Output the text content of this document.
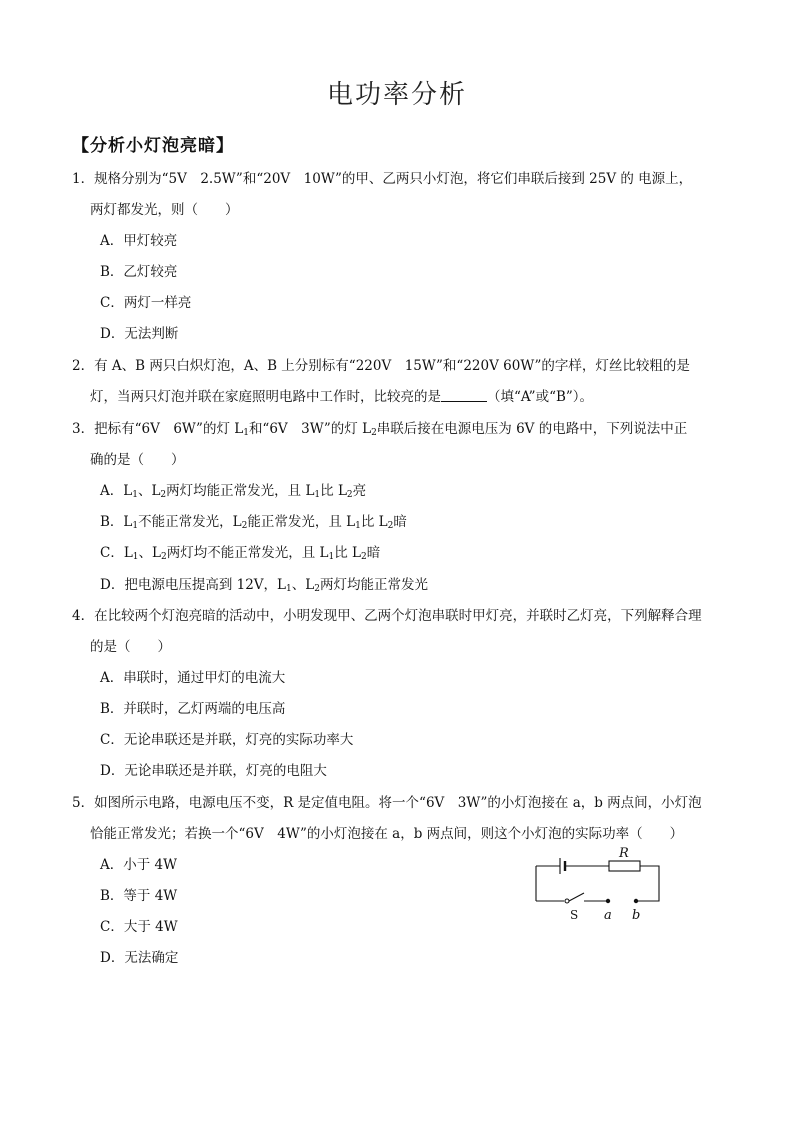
电功率分析
【分析小灯泡亮暗】
1．规格分别为“5V　2.5W”和“20V　10W”的甲、乙两只小灯泡，将它们串联后接到 25V 的 电源上，
两灯都发光，则（　　）
A．甲灯较亮
B．乙灯较亮
C．两灯一样亮
D．无法判断
2．有 A、B 两只白炽灯泡，A、B 上分别标有“220V　15W”和“220V 60W”的字样，灯丝比较粗的是
灯，当两只灯泡并联在家庭照明电路中工作时，比较亮的是	（填“A”或“B”）。
3．把标有“6V　6W”的灯 $L_1$和“6V　3W”的灯 $L_2$串联后接在电源电压为 6V 的电路中，下列说法中正
确的是（　　）
A．$L_1$、$L_2$两灯均能正常发光，且 $L_1$比 $L_2$亮
B．$L_1$不能正常发光，$L_2$能正常发光，且 $L_1$比 $L_2$暗
C．$L_1$、$L_2$两灯均不能正常发光，且 $L_1$比 $L_2$暗
D．把电源电压提高到 12V，$L_1$、$L_2$两灯均能正常发光
4．在比较两个灯泡亮暗的活动中，小明发现甲、乙两个灯泡串联时甲灯亮，并联时乙灯亮，下列解释合理
的是（　　）
A．串联时，通过甲灯的电流大
B．并联时，乙灯两端的电压高
C．无论串联还是并联，灯亮的实际功率大
D．无论串联还是并联，灯亮的电阻大
5．如图所示电路，电源电压不变，R 是定值电阻。将一个“6V　3W”的小灯泡接在 a，b 两点间，小灯泡
恰能正常发光；若换一个“6V　4W”的小灯泡接在 a，b 两点间，则这个小灯泡的实际功率（　　）
A．小于 4W
B．等于 4W
C．大于 4W
D．无法确定
R
S a b
